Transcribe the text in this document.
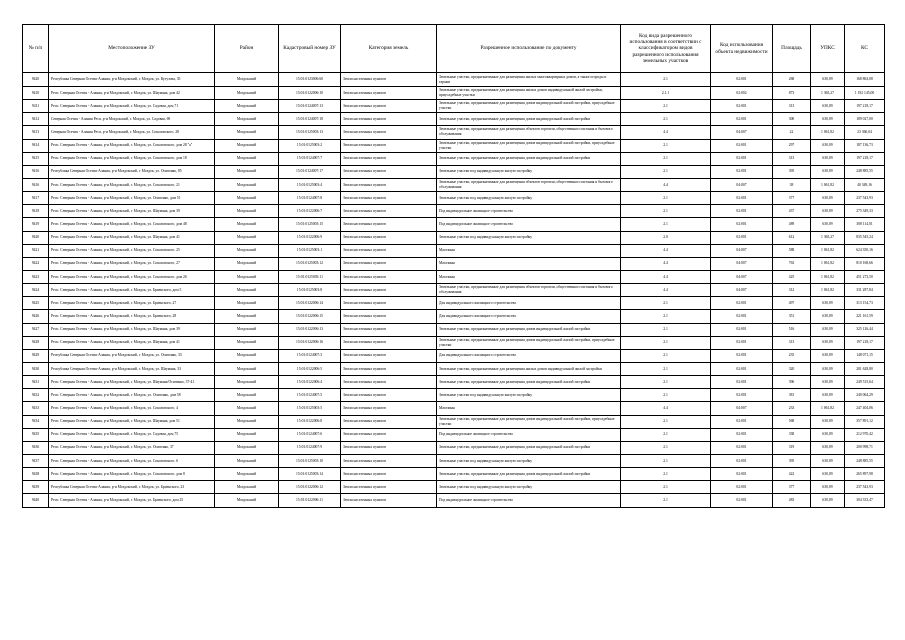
№ п/п	Местоположение ЗУ	Район	Кадастровый номер ЗУ	Категория земель	Разрешенное использование по документу	Код вида разрешенного использования в соответствии с классификатором видов разрешенного использования земельных участков	Код использования объекта недвижимости	Площадь	УПКС	КС
9420	Республика Северная Осетия-Алания, р-н Моздокский, г. Моздок, ул. Кутузова, 35	Моздокский	15:01:0123006:60	Земли населенных пунктов	Земельные участки, предназначенные для размещения жилых многоквартирных домов, а также огороды и гаражи	2.1	02:001	268	630,09	168 863,08
9410	Респ. Северная Осетия - Алания, р-н Моздокский, г. Моздок, ул. Шаумяна, дом 42	Моздокский	15:01:0122006:10	Земли населенных пунктов	Земельные участки, предназначенные для размещения жилых домов индивидуальной жилой застройки, приусадебные участки	2.1.1	02:002	873	1 365,27	1 192 145,00
9411	Респ. Северная Осетия - Алания, р-н Моздокский, г. Моздок, ул. Садовая, дом 71	Моздокский	15:01:0124007:13	Земли населенных пунктов	Земельные участки, предназначенные для размещения домов индивидуальной жилой застройки, приусадебные участки	2.1	02:001	313	630,09	197 218,17
9412	Северная Осетия - Алания Респ, р-н Моздокский, г. Моздок, ул. Садовая, 69	Моздокский	15:01:0124007:18	Земли населенных пунктов	Земельные участки, предназначенные для размещения домов индивидуальной жилой застройки	2.1	02:001	300	630,09	189 027,00
9413	Северная Осетия - Алания Респ, р-н Моздокский, г. Моздок, ул. Соколовского, 28	Моздокский	15:01:0125003:13	Земли населенных пунктов	Земельные участки, предназначенные для размещения объектов торговли, общественного питания и бытового обслуживания	4.4	04:007	22	1 061,82	23 360,04
9414	Респ. Северная Осетия - Алания, р-н Моздокский, г. Моздок, ул. Соколовского, дом 28 "а"	Моздокский	15:01:0125003:2	Земли населенных пунктов	Земельные участки, предназначенные для размещения домов индивидуальной жилой застройки, приусадебные участки	2.1	02:001	297	630,09	187 136,73
9415	Респ. Северная Осетия - Алания, р-н Моздокский, г. Моздок, ул. Соколовского, дом 18	Моздокский	15:01:0124007:7	Земли населенных пунктов	Земельные участки, предназначенные для размещения домов индивидуальной жилой застройки	2.1	02:001	313	630,09	197 218,17
9416	Республика Северная Осетия-Алания, р-н Моздокский, г. Моздок, ул. Осипенко, 85	Моздокский	15:01:0124007:17	Земли населенных пунктов	Земельные участки под индивидуальную жилую застройку	2.1	02:001	395	630,09	248 885,55
9416	Респ. Северная Осетия - Алания, р-н Моздокский, г. Моздок, ул. Соколовского, 21	Моздокский	15:01:0125003:4	Земли населенных пунктов	Земельные участки, предназначенные для размещения объектов торговли, общественного питания и бытового обслуживания	4.4	04:007	38	1 061,82	40 349,16
9417	Респ. Северная Осетия - Алания, р-н Моздокский, г. Моздок, ул. Осипенко, дом 51	Моздокский	15:01:0124007:8	Земли населенных пунктов	Земельные участки под индивидуальную жилую застройку	2.1	02:001	377	630,09	237 543,93
9418	Респ. Северная Осетия - Алания, р-н Моздокский, г. Моздок, ул. Шаумяна, дом 39	Моздокский	15:01:0122006:7	Земли населенных пунктов	Под индивидуальное жилищное строительство	2.1	02:001	437	630,09	275 349,33
9419	Респ. Северная Осетия - Алания, р-н Моздокский, г. Моздок, ул. Соколовского, дом 48	Моздокский	15:01:0125003:15	Земли населенных пунктов	Под индивидуальное жилищное строительство	2.1	02:001	489	630,09	308 114,01
9420	Респ. Северная Осетия - Алания, р-н Моздокский, г. Моздок, ул. Шаумяна, дом 41	Моздокский	15:01:0122006:9	Земли населенных пунктов	Земельные участки под индивидуальную жилую застройку	2.0	02:001	612	1 365,27	835 545,24
9421	Респ. Северная Осетия - Алания, р-н Моздокский, г. Моздок, ул. Соколовского, 25	Моздокский	15:01:0125003:1	Земли населенных пунктов	Магазины	4.4	04:007	588	1 061,82	624 350,16
9422	Респ. Северная Осетия - Алания, р-н Моздокский, г. Моздок, ул. Соколовского, 27	Моздокский	15:01:0125003:12	Земли населенных пунктов	Магазины	4.4	04:007	763	1 061,82	810 168,66
9423	Респ. Северная Осетия - Алания, р-н Моздокский, г. Моздок, ул. Соколовского, дом 26	Моздокский	15:01:0125003:11	Земли населенных пунктов	Магазины	4.4	04:007	425	1 061,82	451 273,50
9424	Респ. Северная Осетия - Алания, р-н Моздокский, г. Моздок, ул. Бриенского, дом 5	Моздокский	15:01:0125003:8	Земли населенных пунктов	Земельные участки, предназначенные для размещения объектов торговли, общественного питания и бытового обслуживания	4.4	04:007	312	1 061,82	331 287,84
9425	Респ. Северная Осетия - Алания, р-н Моздокский, г. Моздок, ул. Бриенского, 27	Моздокский	15:01:0122006:14	Земли населенных пунктов	Для индивидуального жилищного строительства	2.1	02:001	497	630,09	313 154,73
9426	Респ. Северная Осетия - Алания, р-н Моздокский, г. Моздок, ул. Бриенского, 28	Моздокский	15:01:0122006:15	Земли населенных пунктов	Для индивидуального жилищного строительства	2.1	02:001	351	630,09	221 161,59
9427	Респ. Северная Осетия - Алания, р-н Моздокский, г. Моздок, ул. Шаумяна, дом 39	Моздокский	15:01:0122006:13	Земли населенных пунктов	Земельные участки, предназначенные для размещения домов индивидуальной жилой застройки	2.1	02:001	516	630,09	325 126,44
9428	Респ. Северная Осетия - Алания, р-н Моздокский, г. Моздок, ул. Шаумяна, дом 41	Моздокский	15:01:0122006:16	Земли населенных пунктов	Земельные участки, предназначенные для размещения домов индивидуальной жилой застройки, приусадебные участки	2.1	02:001	313	630,09	197 218,17
9429	Республика Северная Осетия-Алания, р-н Моздокский, г. Моздок, ул. Осипенко, 33	Моздокский	15:01:0124007:3	Земли населенных пунктов	Для индивидуального жилищного строительства	2.1	02:001	235	630,09	148 071,15
9430	Республика Северная Осетия-Алания, р-н Моздокский, г. Моздок, ул. Шаумяна, 33	Моздокский	15:01:0122006:5	Земли населенных пунктов	Земельные участки, предназначенные для размещения жилых домов индивидуальной жилой застройки	2.1	02:001	320	630,09	201 628,80
9431	Респ. Северная Осетия - Алания, р-н Моздокский, г. Моздок, ул. Шаумяна/Осипенко, 37-41	Моздокский	15:01:0122006:4	Земли населенных пунктов	Земельные участки, предназначенные для размещения домов индивидуальной жилой застройки	2.1	02:001	396	630,09	249 515,64
9432	Респ. Северная Осетия - Алания, р-н Моздокский, г. Моздок, ул. Осипенко, дом 58	Моздокский	15:01:0124007:5	Земли населенных пунктов	Земельные участки под индивидуальную жилую застройку	2.1	02:001	381	630,09	240 064,29
9433	Респ. Северная Осетия - Алания, р-н Моздокский, г. Моздок, ул. Соколовского, 4	Моздокский	15:01:0125003:5	Земли населенных пунктов	Магазины	4.4	04:007	233	1 061,82	247 404,06
9434	Респ. Северная Осетия - Алания, р-н Моздокский, г. Моздок, ул. Шаумяна, дом 51	Моздокский	15:01:0122006:8	Земли населенных пунктов	Земельные участки, предназначенные для размещения домов индивидуальной жилой застройки, приусадебные участки	2.1	02:001	568	630,09	357 891,12
9435	Респ. Северная Осетия - Алания, р-н Моздокский, г. Моздок, ул. Садовая, дом 75	Моздокский	15:01:0124007:6	Земли населенных пунктов	Под индивидуальное жилищное строительство	2.1	02:001	338	630,09	212 970,42
9436	Респ. Северная Осетия - Алания, р-н Моздокский, г. Моздок, ул. Осипенко, 37	Моздокский	15:01:0124007:9	Земли населенных пунктов	Земельные участки, предназначенные для размещения домов индивидуальной жилой застройки	2.1	02:001	319	630,09	200 998,71
9437	Респ. Северная Осетия - Алания, р-н Моздокский, г. Моздок, ул. Соколовского, 6	Моздокский	15:01:0125003:10	Земли населенных пунктов	Земельные участки под индивидуальную жилую застройку	2.1	02:001	395	630,09	248 885,55
9438	Респ. Северная Осетия - Алания, р-н Моздокский, г. Моздок, ул. Соколовского, дом 8	Моздокский	15:01:0125003:14	Земли населенных пунктов	Земельные участки, предназначенные для размещения домов индивидуальной жилой застройки	2.1	02:001	422	630,09	265 897,98
9439	Республика Северная Осетия-Алания, р-н Моздокский, г. Моздок, ул. Бриенского, 23	Моздокский	15:01:0122006:12	Земли населенных пунктов	Земельные участки под индивидуальную жилую застройку	2.1	02:001	377	630,09	237 543,93
9440	Респ. Северная Осетия - Алания, р-н Моздокский, г. Моздок, ул. Бриенского, дом 25	Моздокский	15:01:0122006:11	Земли населенных пунктов	Под индивидуальное жилищное строительство	2.1	02:001	483	630,09	304 333,47
